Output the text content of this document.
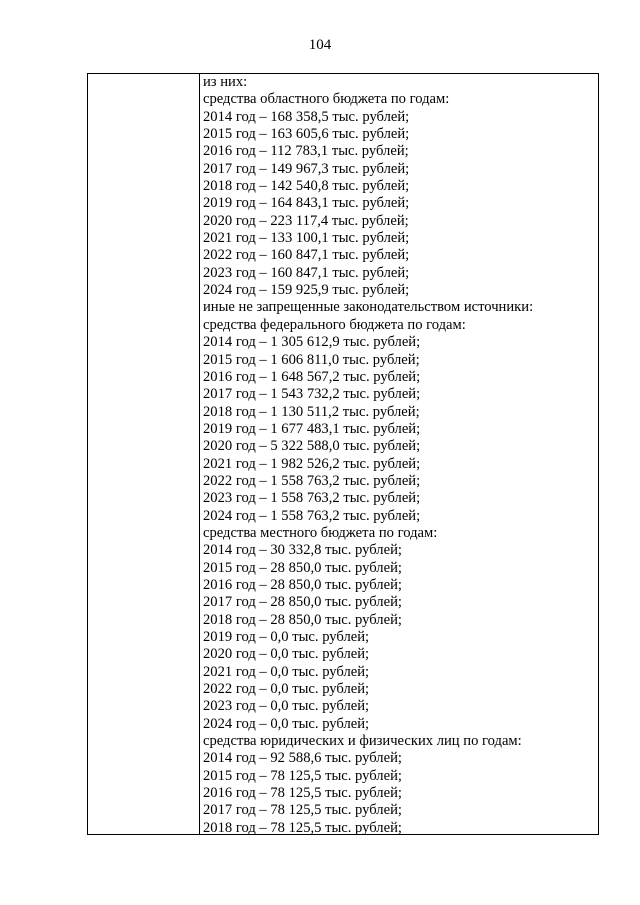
104
из них:
средства областного бюджета по годам:
2014 год – 168 358,5 тыс. рублей;
2015 год – 163 605,6 тыс. рублей;
2016 год – 112 783,1 тыс. рублей;
2017 год – 149 967,3 тыс. рублей;
2018 год – 142 540,8 тыс. рублей;
2019 год – 164 843,1 тыс. рублей;
2020 год – 223 117,4 тыс. рублей;
2021 год – 133 100,1 тыс. рублей;
2022 год – 160 847,1 тыс. рублей;
2023 год – 160 847,1 тыс. рублей;
2024 год – 159 925,9 тыс. рублей;
иные не запрещенные законодательством источники:
средства федерального бюджета по годам:
2014 год – 1 305 612,9 тыс. рублей;
2015 год – 1 606 811,0 тыс. рублей;
2016 год – 1 648 567,2 тыс. рублей;
2017 год – 1 543 732,2 тыс. рублей;
2018 год – 1 130 511,2 тыс. рублей;
2019 год – 1 677 483,1 тыс. рублей;
2020 год – 5 322 588,0 тыс. рублей;
2021 год – 1 982 526,2 тыс. рублей;
2022 год – 1 558 763,2 тыс. рублей;
2023 год – 1 558 763,2 тыс. рублей;
2024 год – 1 558 763,2 тыс. рублей;
средства местного бюджета по годам:
2014 год – 30 332,8 тыс. рублей;
2015 год – 28 850,0 тыс. рублей;
2016 год – 28 850,0 тыс. рублей;
2017 год – 28 850,0 тыс. рублей;
2018 год – 28 850,0 тыс. рублей;
2019 год – 0,0 тыс. рублей;
2020 год – 0,0 тыс. рублей;
2021 год – 0,0 тыс. рублей;
2022 год – 0,0 тыс. рублей;
2023 год – 0,0 тыс. рублей;
2024 год – 0,0 тыс. рублей;
средства юридических и физических лиц по годам:
2014 год – 92 588,6 тыс. рублей;
2015 год – 78 125,5 тыс. рублей;
2016 год – 78 125,5 тыс. рублей;
2017 год – 78 125,5 тыс. рублей;
2018 год – 78 125,5 тыс. рублей;
